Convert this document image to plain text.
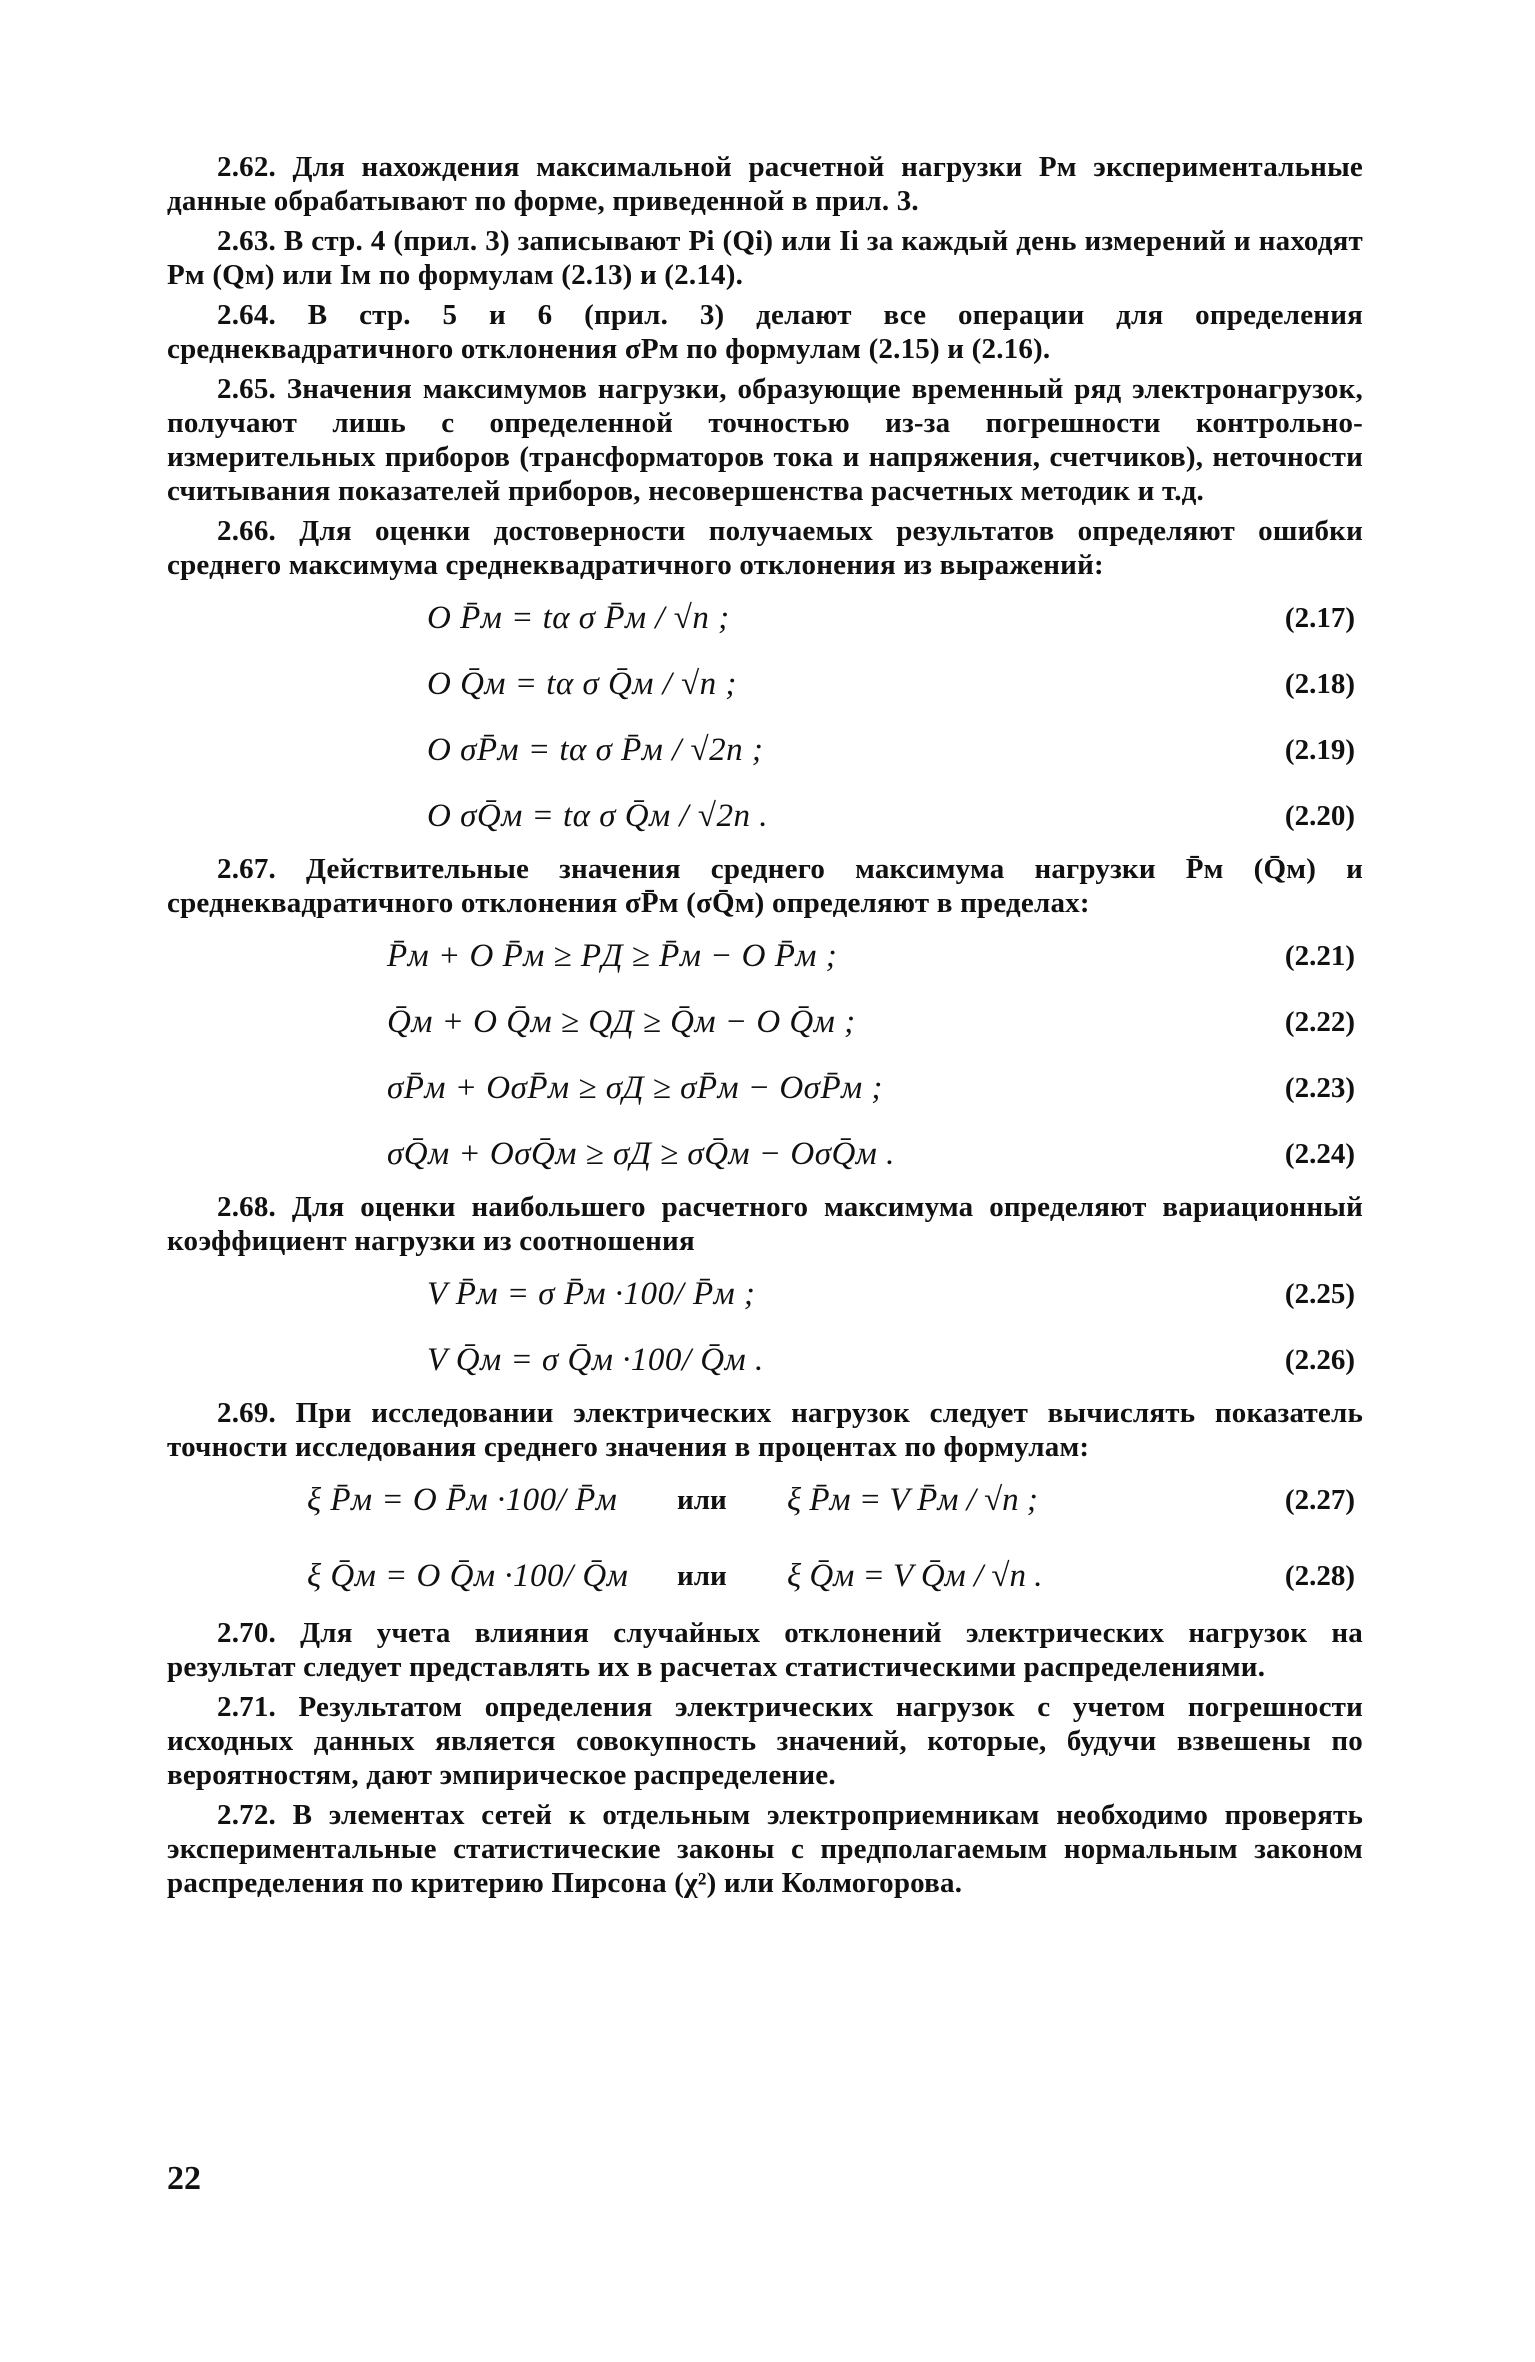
2.62. Для нахождения максимальной расчетной нагрузки Pм экспериментальные данные обрабатывают по форме, приведенной в прил. 3.

2.63. В стр. 4 (прил. 3) записывают Pi (Qi) или Ii за каждый день измерений и находят Pм (Qм) или Iм по формулам (2.13) и (2.14).

2.64. В стр. 5 и 6 (прил. 3) делают все операции для определения среднеквадратичного отклонения σPм по формулам (2.15) и (2.16).

2.65. Значения максимумов нагрузки, образующие временный ряд электронагрузок, получают лишь с определенной точностью из-за погрешности контрольно-измерительных приборов (трансформаторов тока и напряжения, счетчиков), неточности считывания показателей приборов, несовершенства расчетных методик и т.д.

2.66. Для оценки достоверности получаемых результатов определяют ошибки среднего максимума среднеквадратичного отклонения из выражений:

O P̄м = tα σ P̄м / √n ;	(2.17)
O Q̄м = tα σ Q̄м / √n ;	(2.18)
O σP̄м = tα σ P̄м / √2n ;	(2.19)
O σQ̄м = tα σ Q̄м / √2n .	(2.20)

2.67. Действительные значения среднего максимума нагрузки P̄м (Q̄м) и среднеквадратичного отклонения σP̄м (σQ̄м) определяют в пределах:

P̄м + O P̄м ≥ PД ≥ P̄м − O P̄м ;	(2.21)
Q̄м + O Q̄м ≥ QД ≥ Q̄м − O Q̄м ;	(2.22)
σP̄м + OσP̄м ≥ σД ≥ σP̄м − OσP̄м ;	(2.23)
σQ̄м + OσQ̄м ≥ σД ≥ σQ̄м − OσQ̄м .	(2.24)

2.68. Для оценки наибольшего расчетного максимума определяют вариационный коэффициент нагрузки из соотношения

V P̄м = σ P̄м ·100/ P̄м ;	(2.25)
V Q̄м = σ Q̄м ·100/ Q̄м .	(2.26)

2.69. При исследовании электрических нагрузок следует вычислять показатель точности исследования среднего значения в процентах по формулам:

ξ P̄м = O P̄м ·100/ P̄м или ξ P̄м = V P̄м / √n ;	(2.27)
ξ Q̄м = O Q̄м ·100/ Q̄м или ξ Q̄м = V Q̄м / √n .	(2.28)

2.70. Для учета влияния случайных отклонений электрических нагрузок на результат следует представлять их в расчетах статистическими распределениями.

2.71. Результатом определения электрических нагрузок с учетом погрешности исходных данных является совокупность значений, которые, будучи взвешены по вероятностям, дают эмпирическое распределение.

2.72. В элементах сетей к отдельным электроприемникам необходимо проверять экспериментальные статистические законы с предполагаемым нормальным законом распределения по критерию Пирсона (χ²) или Колмогорова.

22
